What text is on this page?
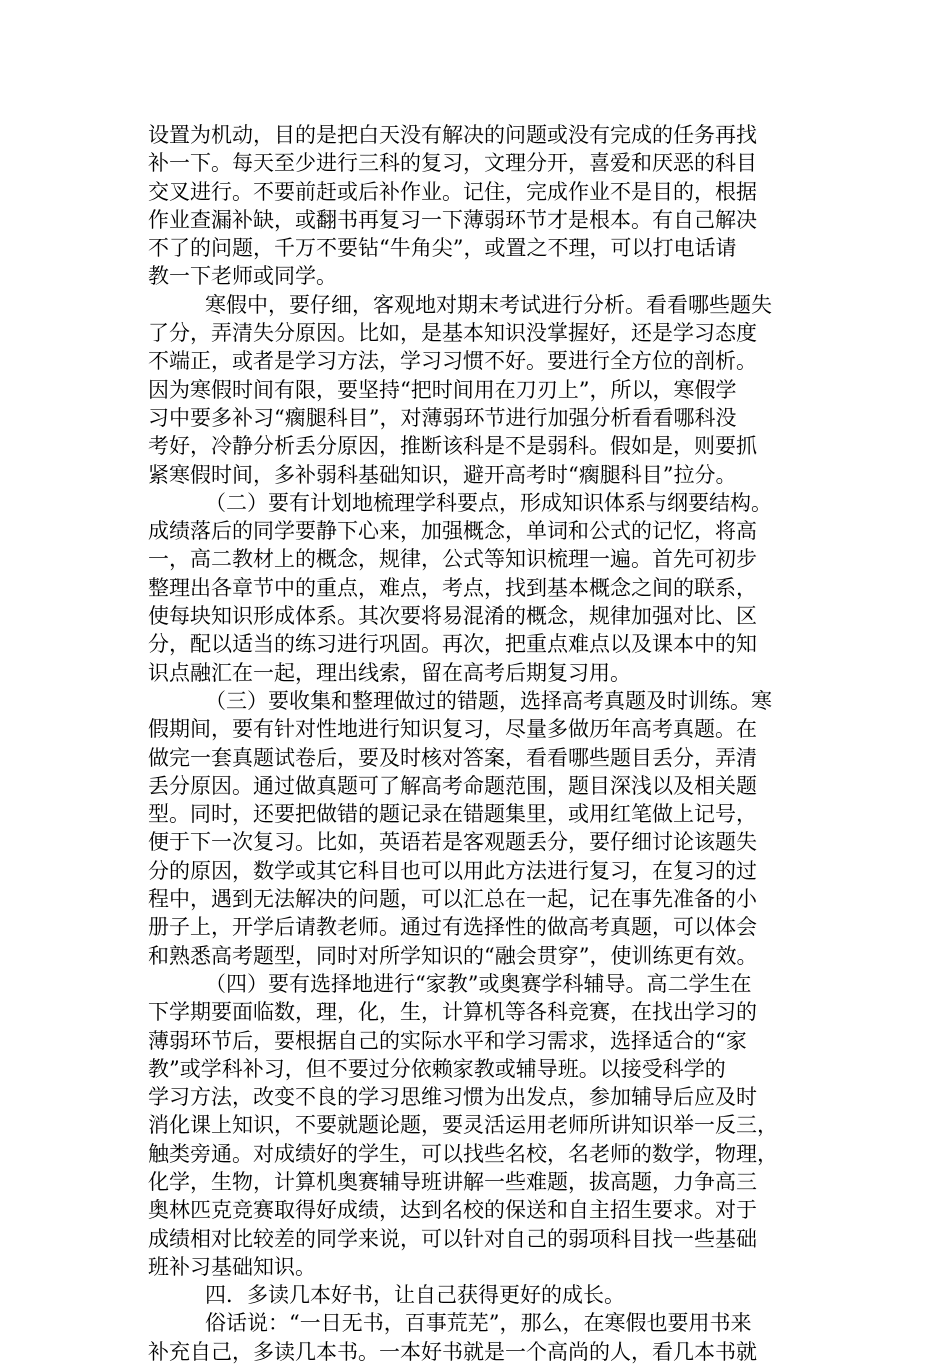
设置为机动，目的是把白天没有解决的问题或没有完成的任务再找
补一下。每天至少进行三科的复习，文理分开，喜爱和厌恶的科目
交叉进行。不要前赶或后补作业。记住，完成作业不是目的，根据
作业查漏补缺，或翻书再复习一下薄弱环节才是根本。有自己解决
不了的问题，千万不要钻“牛角尖”，或置之不理，可以打电话请
教一下老师或同学。
寒假中，要仔细，客观地对期末考试进行分析。看看哪些题失
了分，弄清失分原因。比如，是基本知识没掌握好，还是学习态度
不端正，或者是学习方法，学习习惯不好。要进行全方位的剖析。
因为寒假时间有限，要坚持“把时间用在刀刃上”，所以，寒假学
习中要多补习“瘸腿科目”，对薄弱环节进行加强分析看看哪科没
考好，冷静分析丢分原因，推断该科是不是弱科。假如是，则要抓
紧寒假时间，多补弱科基础知识，避开高考时“瘸腿科目”拉分。
（二）要有计划地梳理学科要点，形成知识体系与纲要结构。
成绩落后的同学要静下心来，加强概念，单词和公式的记忆，将高
一，高二教材上的概念，规律，公式等知识梳理一遍。首先可初步
整理出各章节中的重点，难点，考点，找到基本概念之间的联系，
使每块知识形成体系。其次要将易混淆的概念，规律加强对比、区
分，配以适当的练习进行巩固。再次，把重点难点以及课本中的知
识点融汇在一起，理出线索，留在高考后期复习用。
（三）要收集和整理做过的错题，选择高考真题及时训练。寒
假期间，要有针对性地进行知识复习，尽量多做历年高考真题。在
做完一套真题试卷后，要及时核对答案，看看哪些题目丢分，弄清
丢分原因。通过做真题可了解高考命题范围，题目深浅以及相关题
型。同时，还要把做错的题记录在错题集里，或用红笔做上记号，
便于下一次复习。比如，英语若是客观题丢分，要仔细讨论该题失
分的原因，数学或其它科目也可以用此方法进行复习，在复习的过
程中，遇到无法解决的问题，可以汇总在一起，记在事先准备的小
册子上，开学后请教老师。通过有选择性的做高考真题，可以体会
和熟悉高考题型，同时对所学知识的“融会贯穿”，使训练更有效。
（四）要有选择地进行“家教”或奥赛学科辅导。高二学生在
下学期要面临数，理，化，生，计算机等各科竞赛，在找出学习的
薄弱环节后，要根据自己的实际水平和学习需求，选择适合的“家
教”或学科补习，但不要过分依赖家教或辅导班。以接受科学的
学习方法，改变不良的学习思维习惯为出发点，参加辅导后应及时
消化课上知识，不要就题论题，要灵活运用老师所讲知识举一反三，
触类旁通。对成绩好的学生，可以找些名校，名老师的数学，物理，
化学，生物，计算机奥赛辅导班讲解一些难题，拔高题，力争高三
奥林匹克竞赛取得好成绩，达到名校的保送和自主招生要求。对于
成绩相对比较差的同学来说，可以针对自己的弱项科目找一些基础
班补习基础知识。
四．多读几本好书，让自己获得更好的成长。
俗话说：“一日无书，百事荒芜”，那么，在寒假也要用书来
补充自己，多读几本书。一本好书就是一个高尚的人，看几本书就
